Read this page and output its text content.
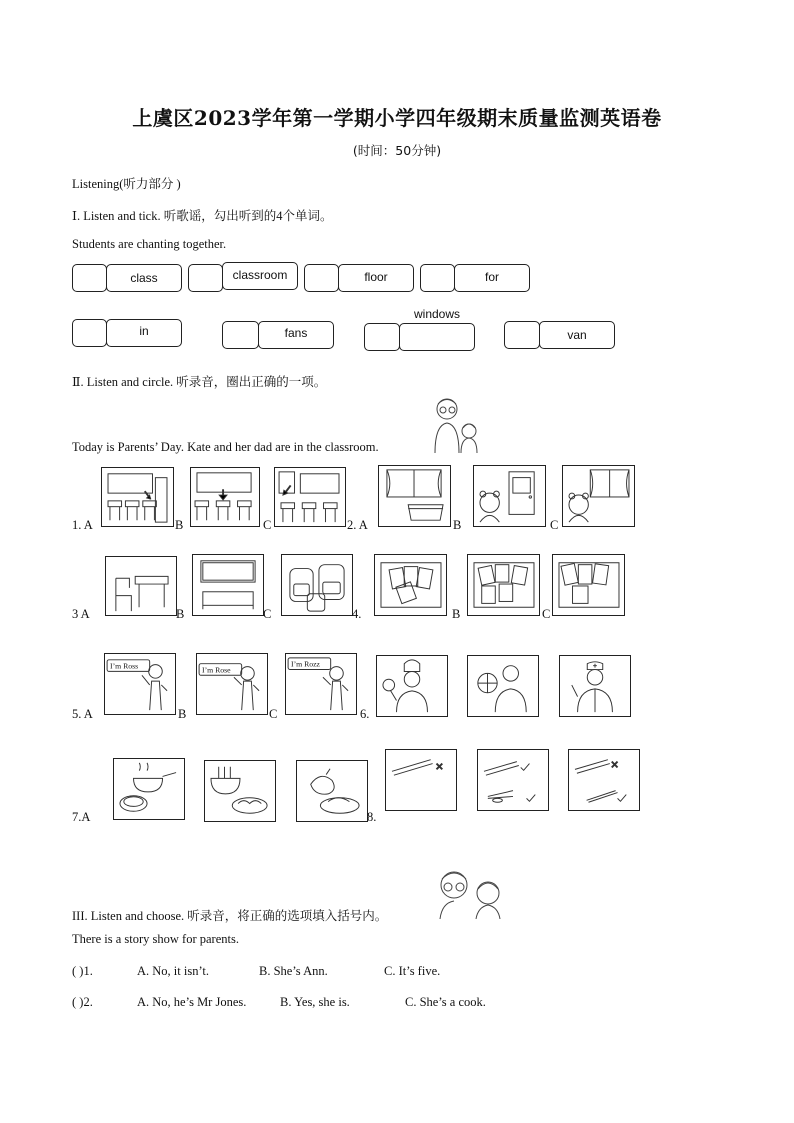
上虞区2023学年第一学期小学四年级期末质量监测英语卷
(时间：50分钟)
Listening(听力部分 )
Ⅰ. Listen and tick. 听歌谣，勾出听到的4个单词。
Students are chanting together.
class	classroom	floor	for
in	fans
windows
van
Ⅱ. Listen and circle. 听录音，圈出正确的一项。
Today is Parents’ Day. Kate and her dad are in the classroom.
1. A	B	C	2. A	B	C
3 A	B	C	4.	B	C
5. A
I’m Ross
B
I’m Rose
C
I’m Rozz
6.
7.A	8.
III. Listen and choose. 听录音，将正确的选项填入括号内。
There is a story show for parents.
( )1.	A. No, it isn’t.	B. She’s Ann.	C. It’s five.
( )2.	A. No, he’s Mr Jones.	B. Yes, she is.	C. She’s a cook.
